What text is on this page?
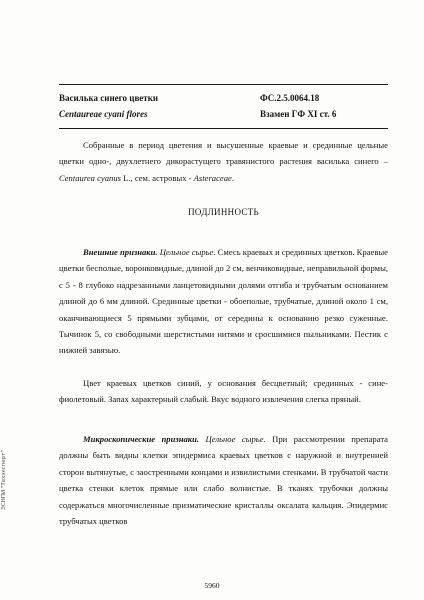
Василька синего цветки	ФС.2.5.0064.18
Centaureae cyani flores	Взамен ГФ XI ст. 6

Собранные в период цветения и высушенные краевые и срединные цельные цветки одно-, двухлетнего дикорастущего травянистого растения василька синего – Centaurea cyanus L., сем. астровых - Asteraceae.

ПОДЛИННОСТЬ

Внешние признаки. Цельное сырье. Смесь краевых и срединных цветков. Краевые цветки бесполые, воронковидные, длиной до 2 см, венчиковидные, неправильной формы, с 5 - 8 глубоко надрезанными ланцетовидными долями отгиба и трубчатым основанием длиной до 6 мм длиной. Срединные цветки - обоеполые, трубчатые, длиной около 1 см, оканчивающиеся 5 прямыми зубцами, от середины к основанию резко суженные. Тычинок 5, со свободными шерстистыми нитями и сросшимися пыльниками. Пестик с нижней завязью.

Цвет краевых цветков синий, у основания бесцветный; срединных - сине-фиолетовый. Запах характерный слабый. Вкус водного извлечения слегка пряный.

Микроскопические признаки. Цельное сырье. При рассмотрении препарата должны быть видны клетки эпидермиса краевых цветков с наружной и внутренней сторон вытянутые, с заостренными концами и извилистыми стенками. В трубчатой части цветка стенки клеток прямые или слабо волнистые. В тканях трубочки должны содержаться многочисленные призматические кристаллы оксалата кальция. Эпидермис трубчатых цветков

ЭСНПИ "Техэксперт"
5960
